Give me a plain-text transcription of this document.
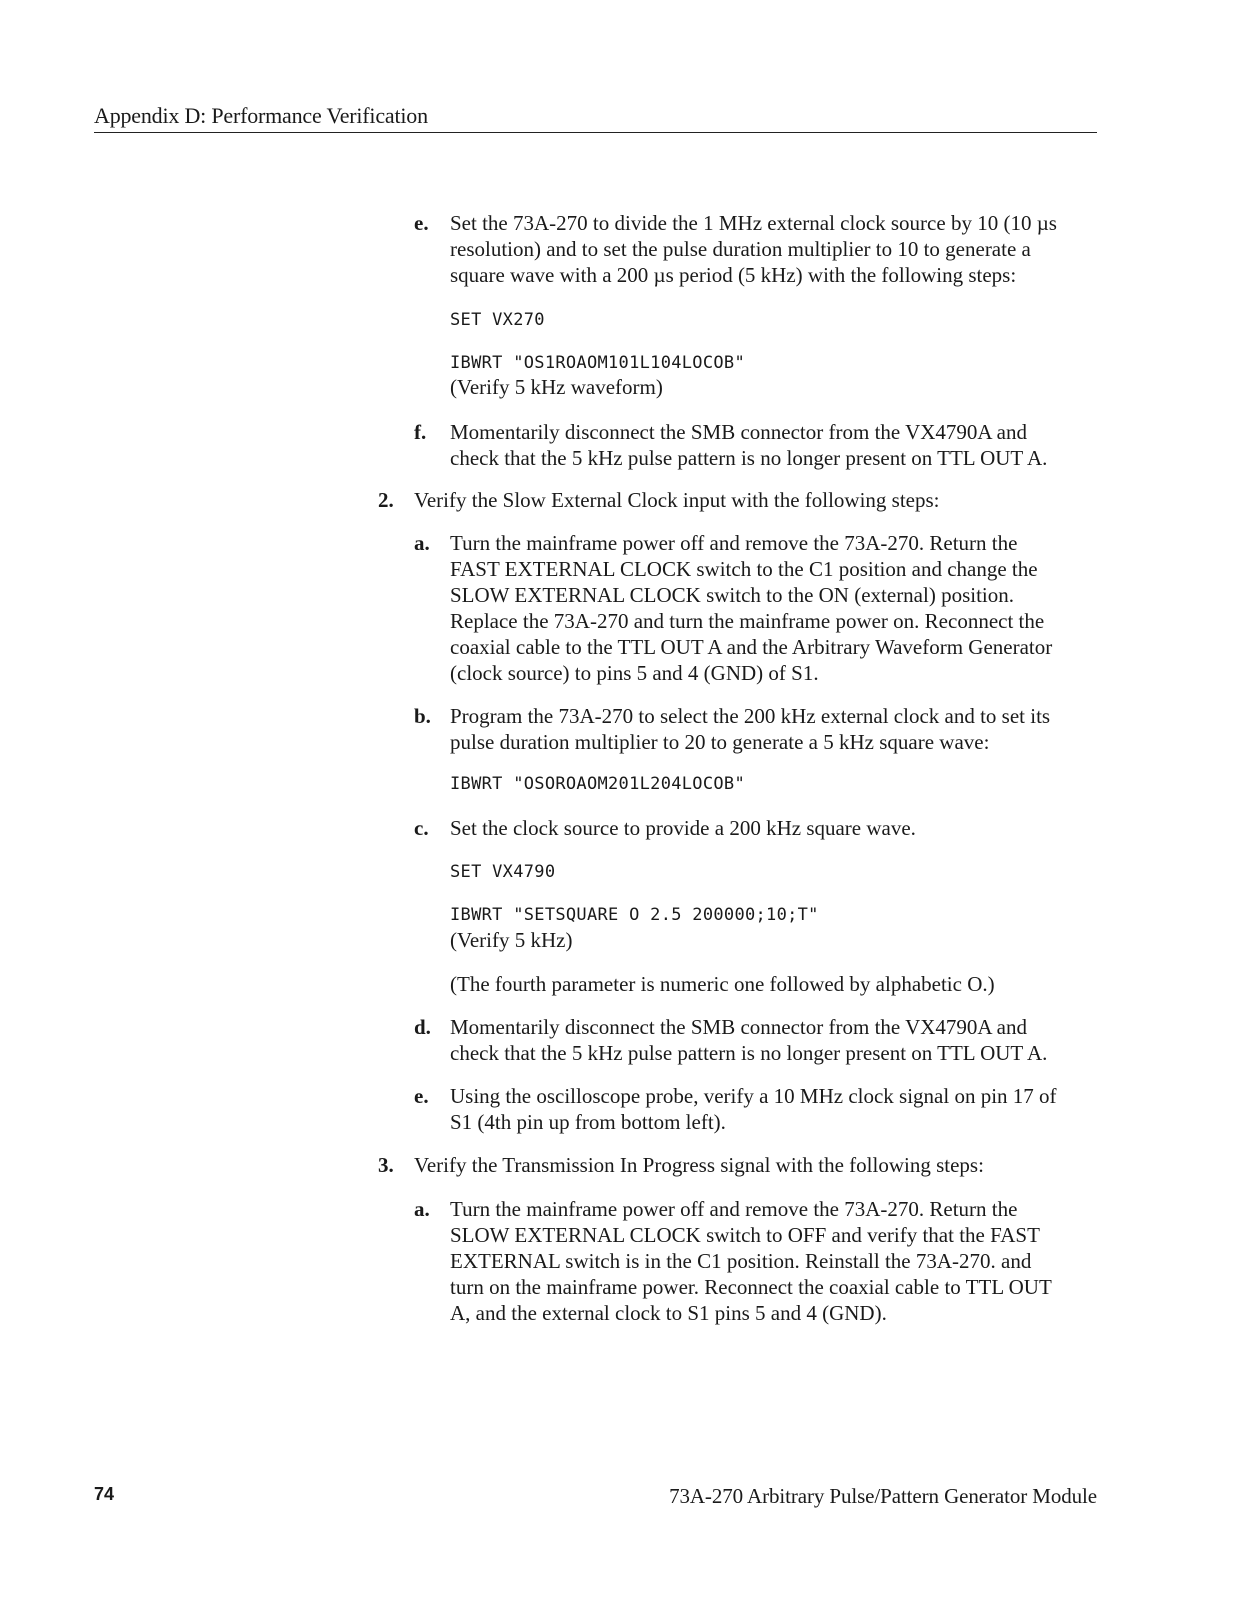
Appendix D: Performance Verification
e. Set the 73A-270 to divide the 1 MHz external clock source by 10 (10 µs
resolution) and to set the pulse duration multiplier to 10 to generate a
square wave with a 200 µs period (5 kHz) with the following steps:
SET VX270
IBWRT "OS1ROAOM101L104LOCOB"
(Verify 5 kHz waveform)
f. Momentarily disconnect the SMB connector from the VX4790A and
check that the 5 kHz pulse pattern is no longer present on TTL OUT A.
2. Verify the Slow External Clock input with the following steps:
a. Turn the mainframe power off and remove the 73A-270. Return the
FAST EXTERNAL CLOCK switch to the C1 position and change the
SLOW EXTERNAL CLOCK switch to the ON (external) position.
Replace the 73A-270 and turn the mainframe power on. Reconnect the
coaxial cable to the TTL OUT A and the Arbitrary Waveform Generator
(clock source) to pins 5 and 4 (GND) of S1.
b. Program the 73A-270 to select the 200 kHz external clock and to set its
pulse duration multiplier to 20 to generate a 5 kHz square wave:
IBWRT "OSOROAOM201L204LOCOB"
c. Set the clock source to provide a 200 kHz square wave.
SET VX4790
IBWRT "SETSQUARE O 2.5 200000;10;T"
(Verify 5 kHz)
(The fourth parameter is numeric one followed by alphabetic O.)
d. Momentarily disconnect the SMB connector from the VX4790A and
check that the 5 kHz pulse pattern is no longer present on TTL OUT A.
e. Using the oscilloscope probe, verify a 10 MHz clock signal on pin 17 of
S1 (4th pin up from bottom left).
3. Verify the Transmission In Progress signal with the following steps:
a. Turn the mainframe power off and remove the 73A-270. Return the
SLOW EXTERNAL CLOCK switch to OFF and verify that the FAST
EXTERNAL switch is in the C1 position. Reinstall the 73A-270. and
turn on the mainframe power. Reconnect the coaxial cable to TTL OUT
A, and the external clock to S1 pins 5 and 4 (GND).
74	73A-270 Arbitrary Pulse/Pattern Generator Module
